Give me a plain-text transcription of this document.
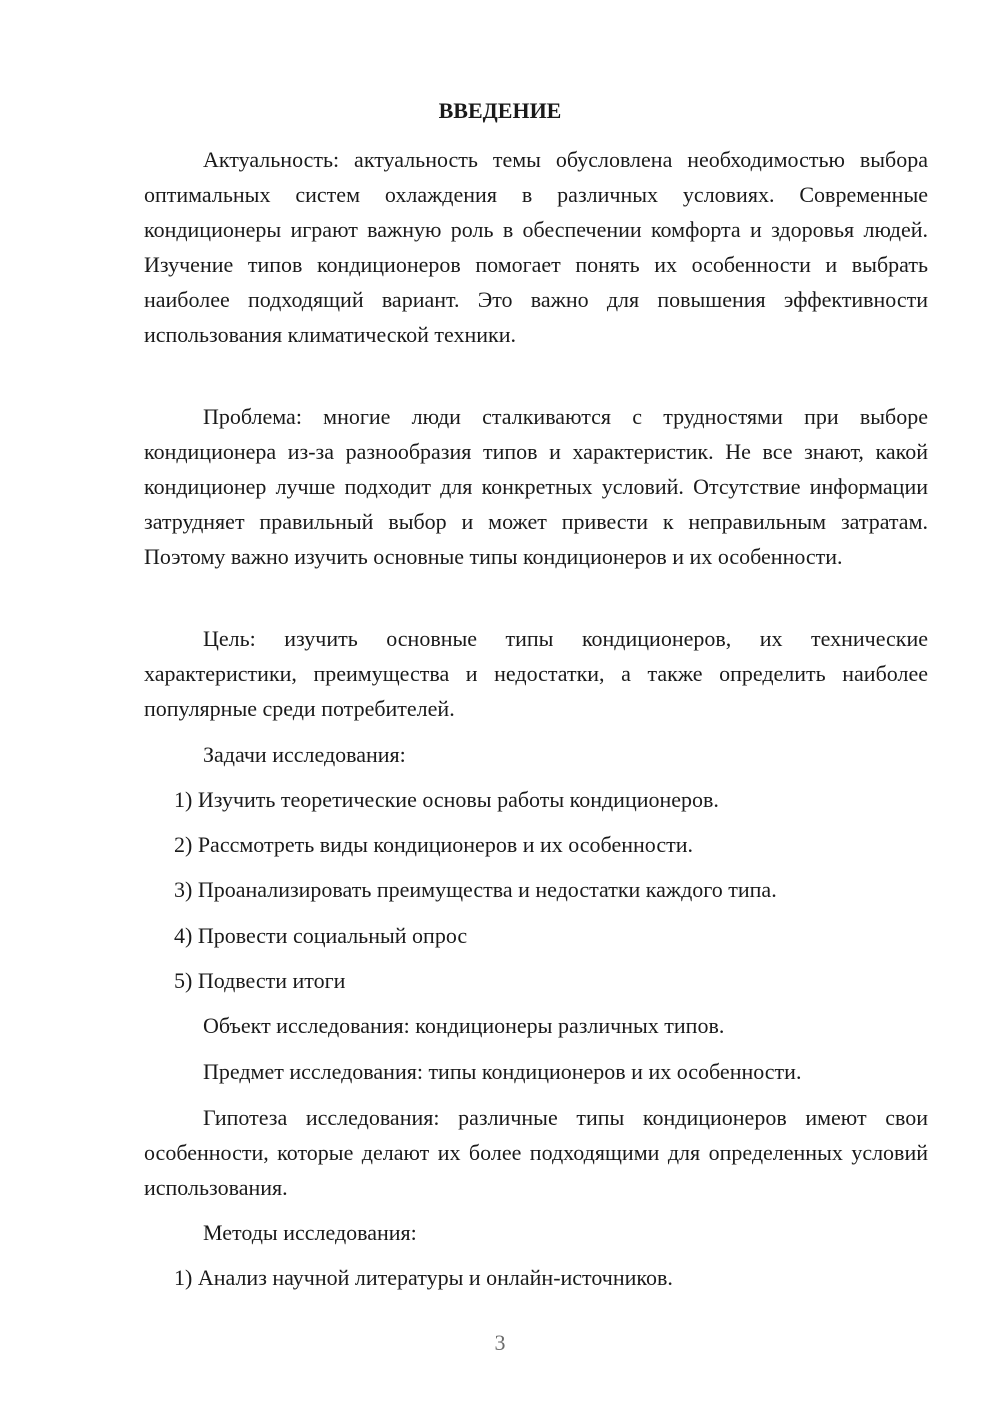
ВВЕДЕНИЕ

Актуальность: актуальность темы обусловлена необходимостью выбора оптимальных систем охлаждения в различных условиях. Современные кондиционеры играют важную роль в обеспечении комфорта и здоровья людей. Изучение типов кондиционеров помогает понять их особенности и выбрать наиболее подходящий вариант. Это важно для повышения эффективности использования климатической техники.

Проблема: многие люди сталкиваются с трудностями при выборе кондиционера из-за разнообразия типов и характеристик. Не все знают, какой кондиционер лучше подходит для конкретных условий. Отсутствие информации затрудняет правильный выбор и может привести к неправильным затратам. Поэтому важно изучить основные типы кондиционеров и их особенности.

Цель: изучить основные типы кондиционеров, их технические характеристики, преимущества и недостатки, а также определить наиболее популярные среди потребителей.

Задачи исследования:

1) Изучить теоретические основы работы кондиционеров.

2) Рассмотреть виды кондиционеров и их особенности.

3) Проанализировать преимущества и недостатки каждого типа.

4) Провести социальный опрос

5) Подвести итоги

Объект исследования: кондиционеры различных типов.

Предмет исследования: типы кондиционеров и их особенности.

Гипотеза исследования: различные типы кондиционеров имеют свои особенности, которые делают их более подходящими для определенных условий использования.

Методы исследования:

1) Анализ научной литературы и онлайн-источников.

3
